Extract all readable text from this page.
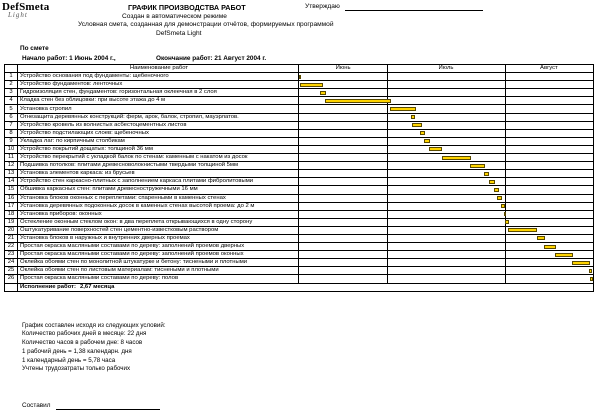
DefSmeta
Light
ГРАФИК ПРОИЗВОДСТВА РАБОТ
Создан в автоматическом режиме
Условная смета, созданная для демонстрации отчётов, формируемых программой
DefSmeta Light
Утверждаю
По смете
Начало работ: 1 Июнь 2004 г.,	Окончание работ: 21 Август 2004 г.
	Наименование работ	Июнь Июль Август

1	Устройство основания под фундаменты: щебеночного	

2	Устройство фундаментов: ленточных	

3	Гидроизоляция стен, фундаментов: горизонтальная оклеечная в 2 слоя	

4	Кладка стен без облицовки: при высоте этажа до 4 м	

5	Установка стропил	

6	Огнезащита деревянных конструкций: ферм, арок, балок, стропил, мауэрлатов.	

7	Устройство кровель из волнистых асбестоцементных листов	

8	Устройство подстилающих слоев: щебеночных	

9	Укладка лаг: по кирпичным столбикам	

10	Устройство покрытий дощатых: толщиной 36 мм	

11	Устройство перекрытий с укладкой балок по стенам: каменным с накатом из досок	

12	Подшивка потолков: плитами древесноволокнистыми твердыми толщиной 5мм	

13	Установка элементов каркаса: из брусьев	

14	Устройство стен каркасно-плитных с заполнением каркаса плитами фибролитовыми	

15	Обшивка каркасных стен: плитами древесностружечными 16 мм	

16	Установка блоков оконных с переплетами: спаренными в каменных стенах	

17	Установка деревянных подоконных досок в каменных стенах высотой проема: до 2 м	

18	Установка приборов: оконных	

19	Остекление оконным стеклом окон: в два переплета открывающихся в одну сторону	

20	Оштукатуривание поверхностей стен цементно-известковым раствором	

21	Установка блоков в наружных и внутренних дверных проемах	

22	Простая окраска масляными составами по дереву: заполнений проемов дверных	

23	Простая окраска масляными составами по дереву: заполнений проемов оконных	

24	Оклейка обоями стен по монолитной штукатурке и бетону: тиснеными и плотными	

25	Оклейка обоями стен по листовым материалам: тиснеными и плотными	

26	Простая окраска масляными составами по дереву: полов	

	Исполнение работ: 2,67 месяца	
График составлен исходя из следующих условий:
Количество рабочих дней в месяце: 22 дня
Количество часов в рабочем дне: 8 часов
1 рабочий день = 1,38 календарн. дня
1 календарный день = 5,78 часа
Учтены трудозатраты только рабочих
Составил
